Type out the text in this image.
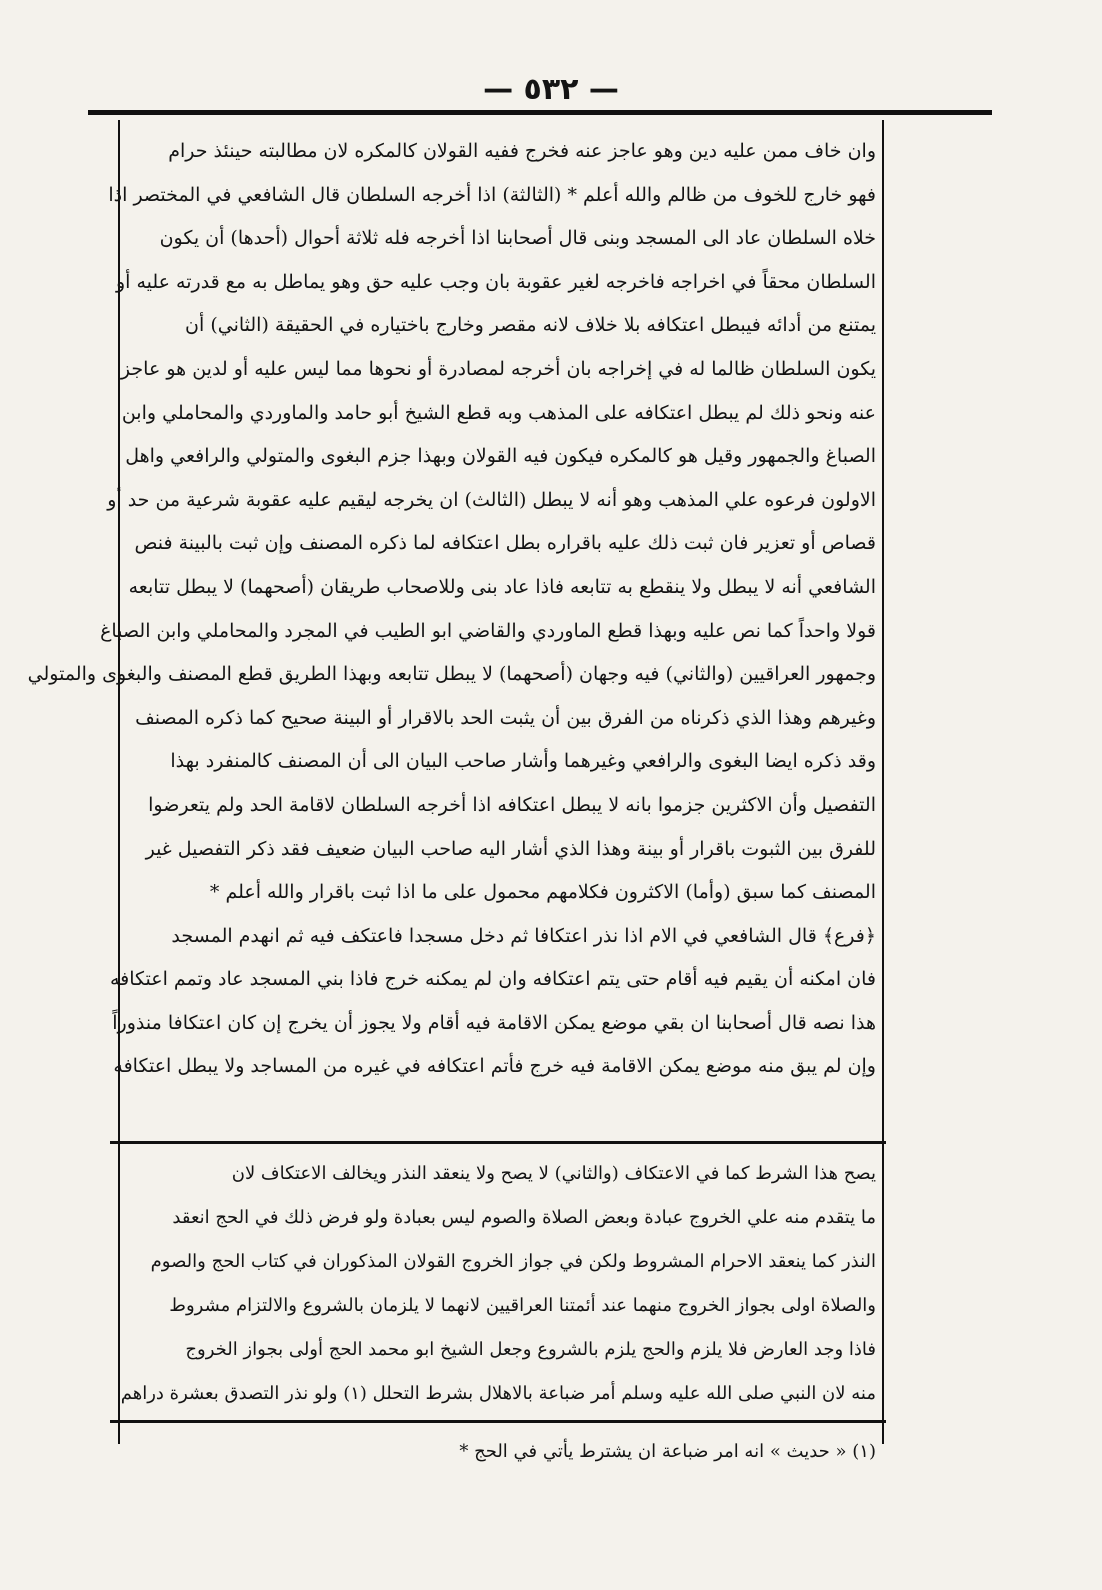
— ٥٣٢ —
وان خاف ممن عليه دين وهو عاجز عنه فخرج ففيه القولان كالمكره لان مطالبته حينئذ حرام
فهو خارج للخوف من ظالم والله أعلم * (الثالثة) اذا أخرجه السلطان قال الشافعي في المختصر اذا
خلاه السلطان عاد الى المسجد وبنى قال أصحابنا اذا أخرجه فله ثلاثة أحوال (أحدها) أن يكون
السلطان محقاً في اخراجه فاخرجه لغير عقوبة بان وجب عليه حق وهو يماطل به مع قدرته عليه أو
يمتنع من أدائه فيبطل اعتكافه بلا خلاف لانه مقصر وخارج باختياره في الحقيقة (الثاني) أن
يكون السلطان ظالما له في إخراجه بان أخرجه لمصادرة أو نحوها مما ليس عليه أو لدين هو عاجز
عنه ونحو ذلك لم يبطل اعتكافه على المذهب وبه قطع الشيخ أبو حامد والماوردي والمحاملي وابن
الصباغ والجمهور وقيل هو كالمكره فيكون فيه القولان وبهذا جزم البغوى والمتولي والرافعي واهل
الاولون فرعوه علي المذهب وهو أنه لا يبطل (الثالث) ان يخرجه ليقيم عليه عقوبة شرعية من حد أو
قصاص أو تعزير فان ثبت ذلك عليه باقراره بطل اعتكافه لما ذكره المصنف وإن ثبت بالبينة فنص
الشافعي أنه لا يبطل ولا ينقطع به تتابعه فاذا عاد بنى وللاصحاب طريقان (أصحهما) لا يبطل تتابعه
قولا واحداً كما نص عليه وبهذا قطع الماوردي والقاضي ابو الطيب في المجرد والمحاملي وابن الصباغ
وجمهور العراقيين (والثاني) فيه وجهان (أصحهما) لا يبطل تتابعه وبهذا الطريق قطع المصنف والبغوى والمتولي
وغيرهم وهذا الذي ذكرناه من الفرق بين أن يثبت الحد بالاقرار أو البينة صحيح كما ذكره المصنف
وقد ذكره ايضا البغوى والرافعي وغيرهما وأشار صاحب البيان الى أن المصنف كالمنفرد بهذا
التفصيل وأن الاكثرين جزموا بانه لا يبطل اعتكافه اذا أخرجه السلطان لاقامة الحد ولم يتعرضوا
للفرق بين الثبوت باقرار أو بينة وهذا الذي أشار اليه صاحب البيان ضعيف فقد ذكر التفصيل غير
المصنف كما سبق (وأما) الاكثرون فكلامهم محمول على ما اذا ثبت باقرار والله أعلم *
﴿فرع﴾ قال الشافعي في الام اذا نذر اعتكافا ثم دخل مسجدا فاعتكف فيه ثم انهدم المسجد
فان امكنه أن يقيم فيه أقام حتى يتم اعتكافه وان لم يمكنه خرج فاذا بني المسجد عاد وتمم اعتكافه
هذا نصه قال أصحابنا ان بقي موضع يمكن الاقامة فيه أقام ولا يجوز أن يخرج إن كان اعتكافا منذوراً
وإن لم يبق منه موضع يمكن الاقامة فيه خرج فأتم اعتكافه في غيره من المساجد ولا يبطل اعتكافه
يصح هذا الشرط كما في الاعتكاف (والثاني) لا يصح ولا ينعقد النذر ويخالف الاعتكاف لان
ما يتقدم منه علي الخروج عبادة وبعض الصلاة والصوم ليس بعبادة ولو فرض ذلك في الحج انعقد
النذر كما ينعقد الاحرام المشروط ولكن في جواز الخروج القولان المذكوران في كتاب الحج والصوم
والصلاة اولى بجواز الخروج منهما عند أئمتنا العراقيين لانهما لا يلزمان بالشروع والالتزام مشروط
فاذا وجد العارض فلا يلزم والحج يلزم بالشروع وجعل الشيخ ابو محمد الحج أولى بجواز الخروج
منه لان النبي صلى الله عليه وسلم أمر ضباعة بالاهلال بشرط التحلل (١) ولو نذر التصدق بعشرة دراهم
(١) « حديث » انه امر ضباعة ان يشترط يأتي في الحج *
